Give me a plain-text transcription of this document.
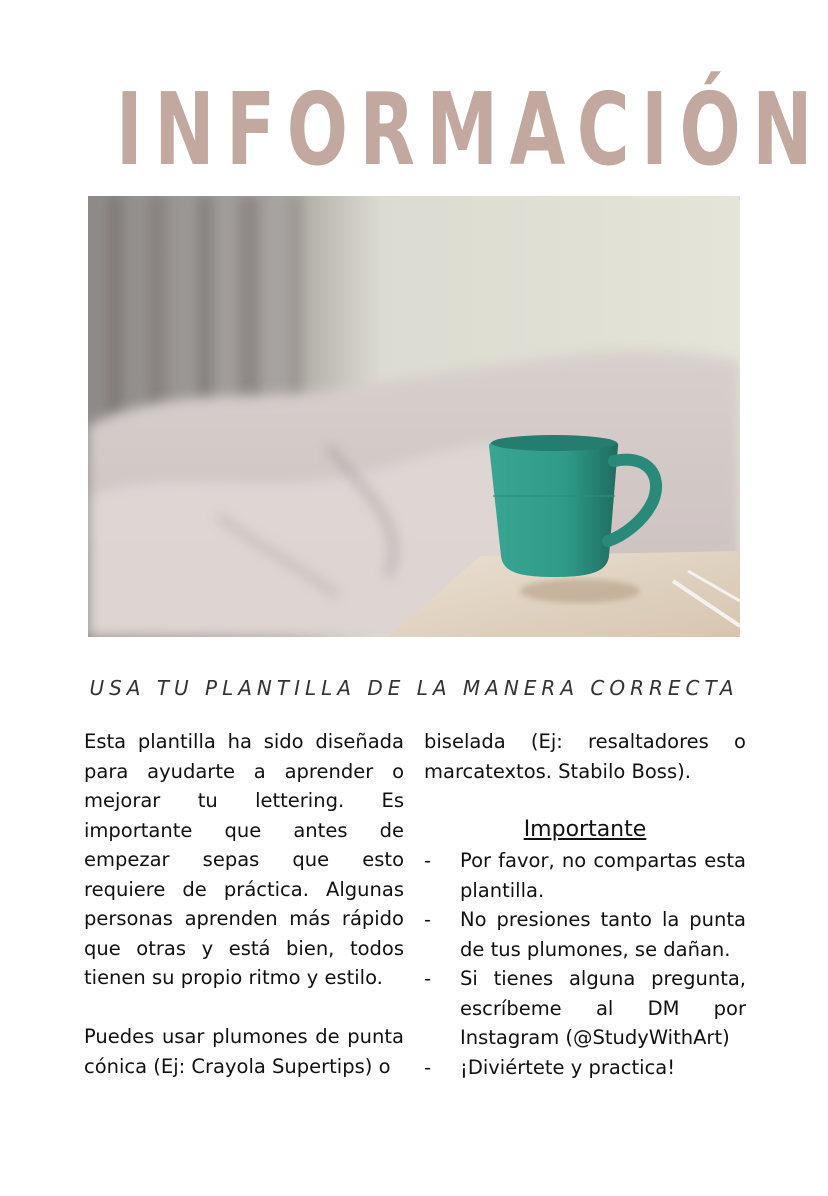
INFORMACIÓN
USA TU PLANTILLA DE LA MANERA CORRECTA

Esta plantilla ha sido diseñada para ayudarte a aprender o mejorar tu lettering. Es importante que antes de empezar sepas que esto requiere de práctica. Algunas personas aprenden más rápido que otras y está bien, todos tienen su propio ritmo y estilo.

Puedes usar plumones de punta cónica (Ej: Crayola Supertips) o

biselada (Ej: resaltadores o marcatextos. Stabilo Boss).

Importante
- Por favor, no compartas esta plantilla.
- No presiones tanto la punta de tus plumones, se dañan.
- Si tienes alguna pregunta, escríbeme al DM por Instagram (@StudyWithArt)
- ¡Diviértete y practica!
